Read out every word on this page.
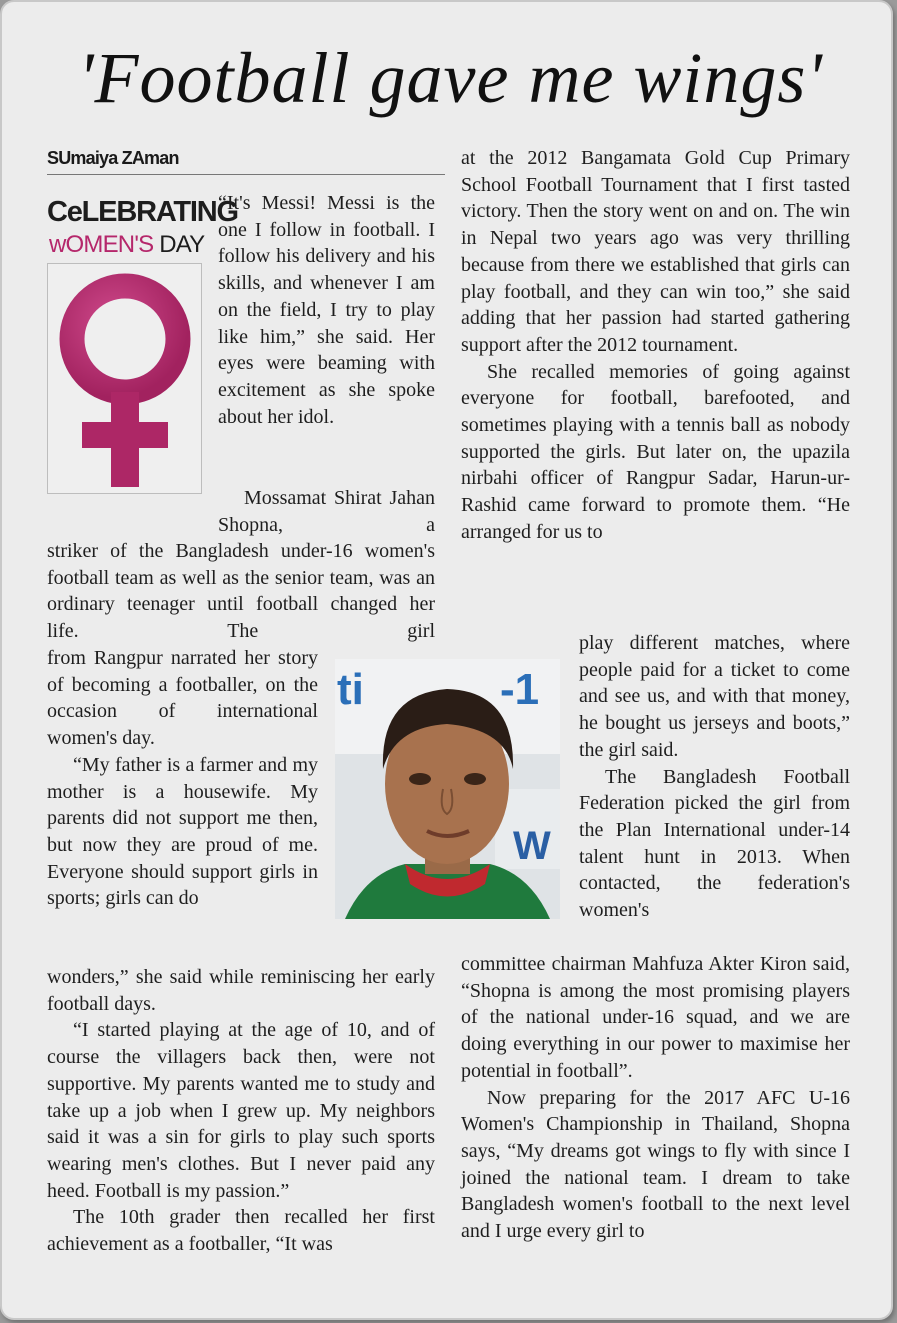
'Football gave me wings'
SUmaiya ZAman
CeLEBRATING
wOMEN'S DAY

“It's Messi! Messi is the one I follow in football. I follow his delivery and his skills, and whenever I am on the field, I try to play like him,” she said. Her eyes were beaming with excitement as she spoke about her idol.

Mossamat Shirat Jahan Shopna, a

striker of the Bangladesh under-16 women's football team as well as the senior team, was an ordinary teenager until football changed her life. The girl

from Rangpur narrated her story of becoming a footballer, on the occasion of international women's day.

“My father is a farmer and my mother is a housewife. My parents did not support me then, but now they are proud of me. Everyone should support girls in sports; girls can do

wonders,” she said while reminiscing her early football days.

“I started playing at the age of 10, and of course the villagers back then, were not supportive. My parents wanted me to study and take up a job when I grew up. My neighbors said it was a sin for girls to play such sports wearing men's clothes. But I never paid any heed. Football is my passion.”

The 10th grader then recalled her first achievement as a footballer, “It was

ti	-1
W

at the 2012 Bangamata Gold Cup Primary School Football Tournament that I first tasted victory. Then the story went on and on. The win in Nepal two years ago was very thrilling because from there we established that girls can play football, and they can win too,” she said adding that her passion had started gathering support after the 2012 tournament.

She recalled memories of going against everyone for football, barefooted, and sometimes playing with a tennis ball as nobody supported the girls. But later on, the upazila nirbahi officer of Rangpur Sadar, Harun-ur-Rashid came forward to promote them. “He arranged for us to

play different matches, where people paid for a ticket to come and see us, and with that money, he bought us jerseys and boots,” the girl said.

The Bangladesh Football Federation picked the girl from the Plan International under-14 talent hunt in 2013. When contacted, the federation's women's

committee chairman Mahfuza Akter Kiron said, “Shopna is among the most promising players of the national under-16 squad, and we are doing everything in our power to maximise her potential in football”.

Now preparing for the 2017 AFC U-16 Women's Championship in Thailand, Shopna says, “My dreams got wings to fly with since I joined the national team. I dream to take Bangladesh women's football to the next level and I urge every girl to
